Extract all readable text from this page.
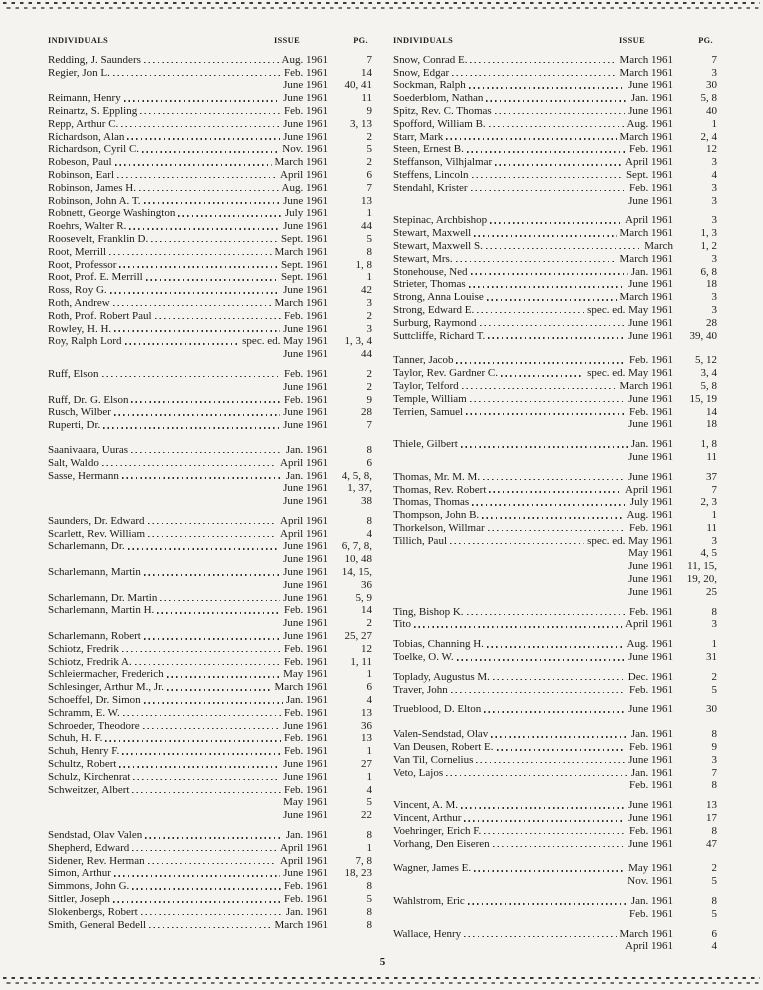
INDIVIDUALS	ISSUE	PG.
Redding, J. Saunders	Aug. 1961	7
Regier, Jon L.	Feb. 1961	14
June 1961	40, 41
Reimann, Henry	June 1961	11
Reinartz, S. Eppling	Feb. 1961	9
Repp, Arthur C.	June 1961	3, 13
Richardson, Alan	June 1961	2
Richardson, Cyril C.	Nov. 1961	5
Robeson, Paul	March 1961	2
Robinson, Earl	April 1961	6
Robinson, James H.	Aug. 1961	7
Robinson, John A. T.	June 1961	13
Robnett, George Washington	July 1961	1
Roehrs, Walter R.	June 1961	44
Roosevelt, Franklin D.	Sept. 1961	5
Root, Merrill	March 1961	8
Root, Professor	Sept. 1961	1, 8
Root, Prof. E. Merrill	Sept. 1961	1
Ross, Roy G.	June 1961	42
Roth, Andrew	March 1961	3
Roth, Prof. Robert Paul	Feb. 1961	2
Rowley, H. H.	June 1961	3
Roy, Ralph Lord	spec. ed. May 1961	1, 3, 4
June 1961	44
Ruff, Elson	Feb. 1961	2
June 1961	2
Ruff, Dr. G. Elson	Feb. 1961	9
Rusch, Wilber	June 1961	28
Ruperti, Dr.	June 1961	7
Saanivaara, Uuras	Jan. 1961	8
Salt, Waldo	April 1961	6
Sasse, Hermann	Jan. 1961	4, 5, 8,
June 1961	1, 37,
June 1961	38
Saunders, Dr. Edward	April 1961	8
Scarlett, Rev. William	April 1961	4
Scharlemann, Dr.	June 1961	6, 7, 8,
June 1961	10, 48
Scharlemann, Martin	June 1961	14, 15,
June 1961	36
Scharlemann, Dr. Martin	June 1961	5, 9
Scharlemann, Martin H.	Feb. 1961	14
June 1961	2
Scharlemann, Robert	June 1961	25, 27
Schiotz, Fredrik	Feb. 1961	12
Schiotz, Fredrik A.	Feb. 1961	1, 11
Schleiermacher, Frederich	May 1961	1
Schlesinger, Arthur M., Jr.	March 1961	6
Schoeffel, Dr. Simon	Jan. 1961	4
Schramm, E. W.	Feb. 1961	13
Schroeder, Theodore	June 1961	36
Schuh, H. F.	Feb. 1961	13
Schuh, Henry F.	Feb. 1961	1
Schultz, Robert	June 1961	27
Schulz, Kirchenrat	June 1961	1
Schweitzer, Albert	Feb. 1961	4
May 1961	5
June 1961	22
Sendstad, Olav Valen	Jan. 1961	8
Shepherd, Edward	April 1961	1
Sidener, Rev. Herman	April 1961	7, 8
Simon, Arthur	June 1961	18, 23
Simmons, John G.	Feb. 1961	8
Sittler, Joseph	Feb. 1961	5
Slokenbergs, Robert	Jan. 1961	8
Smith, General Bedell	March 1961	8
INDIVIDUALS	ISSUE	PG.
Snow, Conrad E.	March 1961	7
Snow, Edgar	March 1961	3
Sockman, Ralph	June 1961	30
Soederblom, Nathan	Jan. 1961	5, 8
Spitz, Rev. C. Thomas	June 1961	40
Spofford, William B.	Aug. 1961	1
Starr, Mark	March 1961	2, 4
Steen, Ernest B.	Feb. 1961	12
Steffanson, Vilhjalmar	April 1961	3
Steffens, Lincoln	Sept. 1961	4
Stendahl, Krister	Feb. 1961	3
June 1961	3
Stepinac, Archbishop	April 1961	3
Stewart, Maxwell	March 1961	1, 3
Stewart, Maxwell S.	March	1, 2
Stewart, Mrs.	March 1961	3
Stonehouse, Ned	Jan. 1961	6, 8
Strieter, Thomas	June 1961	18
Strong, Anna Louise	March 1961	3
Strong, Edward E.	spec. ed. May 1961	3
Surburg, Raymond	June 1961	28
Suttcliffe, Richard T.	June 1961	39, 40
Tanner, Jacob	Feb. 1961	5, 12
Taylor, Rev. Gardner C.	spec. ed. May 1961	3, 4
Taylor, Telford	March 1961	5, 8
Temple, William	June 1961	15, 19
Terrien, Samuel	Feb. 1961	14
June 1961	18
Thiele, Gilbert	Jan. 1961	1, 8
June 1961	11
Thomas, Mr. M. M.	June 1961	37
Thomas, Rev. Robert	April 1961	7
Thomas, Thomas	July 1961	2, 3
Thompson, John B.	Aug. 1961	1
Thorkelson, Willmar	Feb. 1961	11
Tillich, Paul	spec. ed. May 1961	3
May 1961	4, 5
June 1961	11, 15,
June 1961	19, 20,
June 1961	25
Ting, Bishop K.	Feb. 1961	8
Tito	April 1961	3
Tobias, Channing H.	Aug. 1961	1
Toelke, O. W.	June 1961	31
Toplady, Augustus M.	Dec. 1961	2
Traver, John	Feb. 1961	5
Trueblood, D. Elton	June 1961	30
Valen-Sendstad, Olav	Jan. 1961	8
Van Deusen, Robert E.	Feb. 1961	9
Van Til, Cornelius	June 1961	3
Veto, Lajos	Jan. 1961	7
Feb. 1961	8
Vincent, A. M.	June 1961	13
Vincent, Arthur	June 1961	17
Voehringer, Erich F.	Feb. 1961	8
Vorhang, Den Eiseren	June 1961	47
Wagner, James E.	May 1961	2
Nov. 1961	5
Wahlstrom, Eric	Jan. 1961	8
Feb. 1961	5
Wallace, Henry	March 1961	6
April 1961	4
5
